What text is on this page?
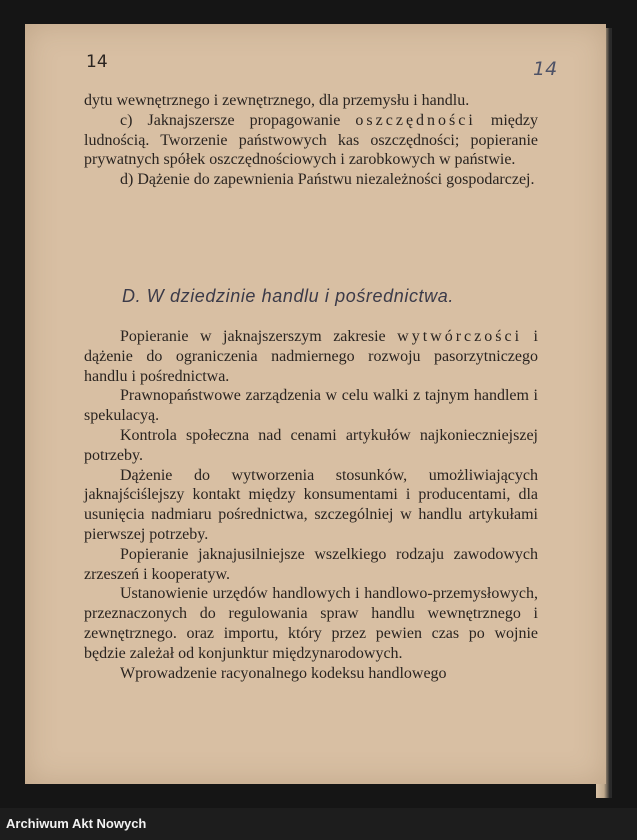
14	14

dytu wewnętrznego i zewnętrznego, dla przemysłu i handlu.

c) Jaknajszersze propagowanie oszczędności między ludnością. Tworzenie państwowych kas oszczędności; popieranie prywatnych spółek oszczędnościowych i zarobkowych w państwie.

d) Dążenie do zapewnienia Państwu niezależności gospodarczej.

D. W dziedzinie handlu i pośrednictwa.

Popieranie w jaknajszerszym zakresie wytwórczości i dążenie do ograniczenia nadmiernego rozwoju pasorzytniczego handlu i pośrednictwa.

Prawnopaństwowe zarządzenia w celu walki z tajnym handlem i spekulacyą.

Kontrola społeczna nad cenami artykułów najkonieczniejszej potrzeby.

Dążenie do wytworzenia stosunków, umożliwiających jaknajściślejszy kontakt między konsumentami i producentami, dla usunięcia nadmiaru pośrednictwa, szczególniej w handlu artykułami pierwszej potrzeby.

Popieranie jaknajusilniejsze wszelkiego rodzaju zawodowych zrzeszeń i kooperatyw.

Ustanowienie urzędów handlowych i handlowo-przemysłowych, przeznaczonych do regulowania spraw handlu wewnętrznego i zewnętrznego. oraz importu, który przez pewien czas po wojnie będzie zależał od konjunktur międzynarodowych.

Wprowadzenie racyonalnego kodeksu handlowego

Archiwum Akt Nowych
